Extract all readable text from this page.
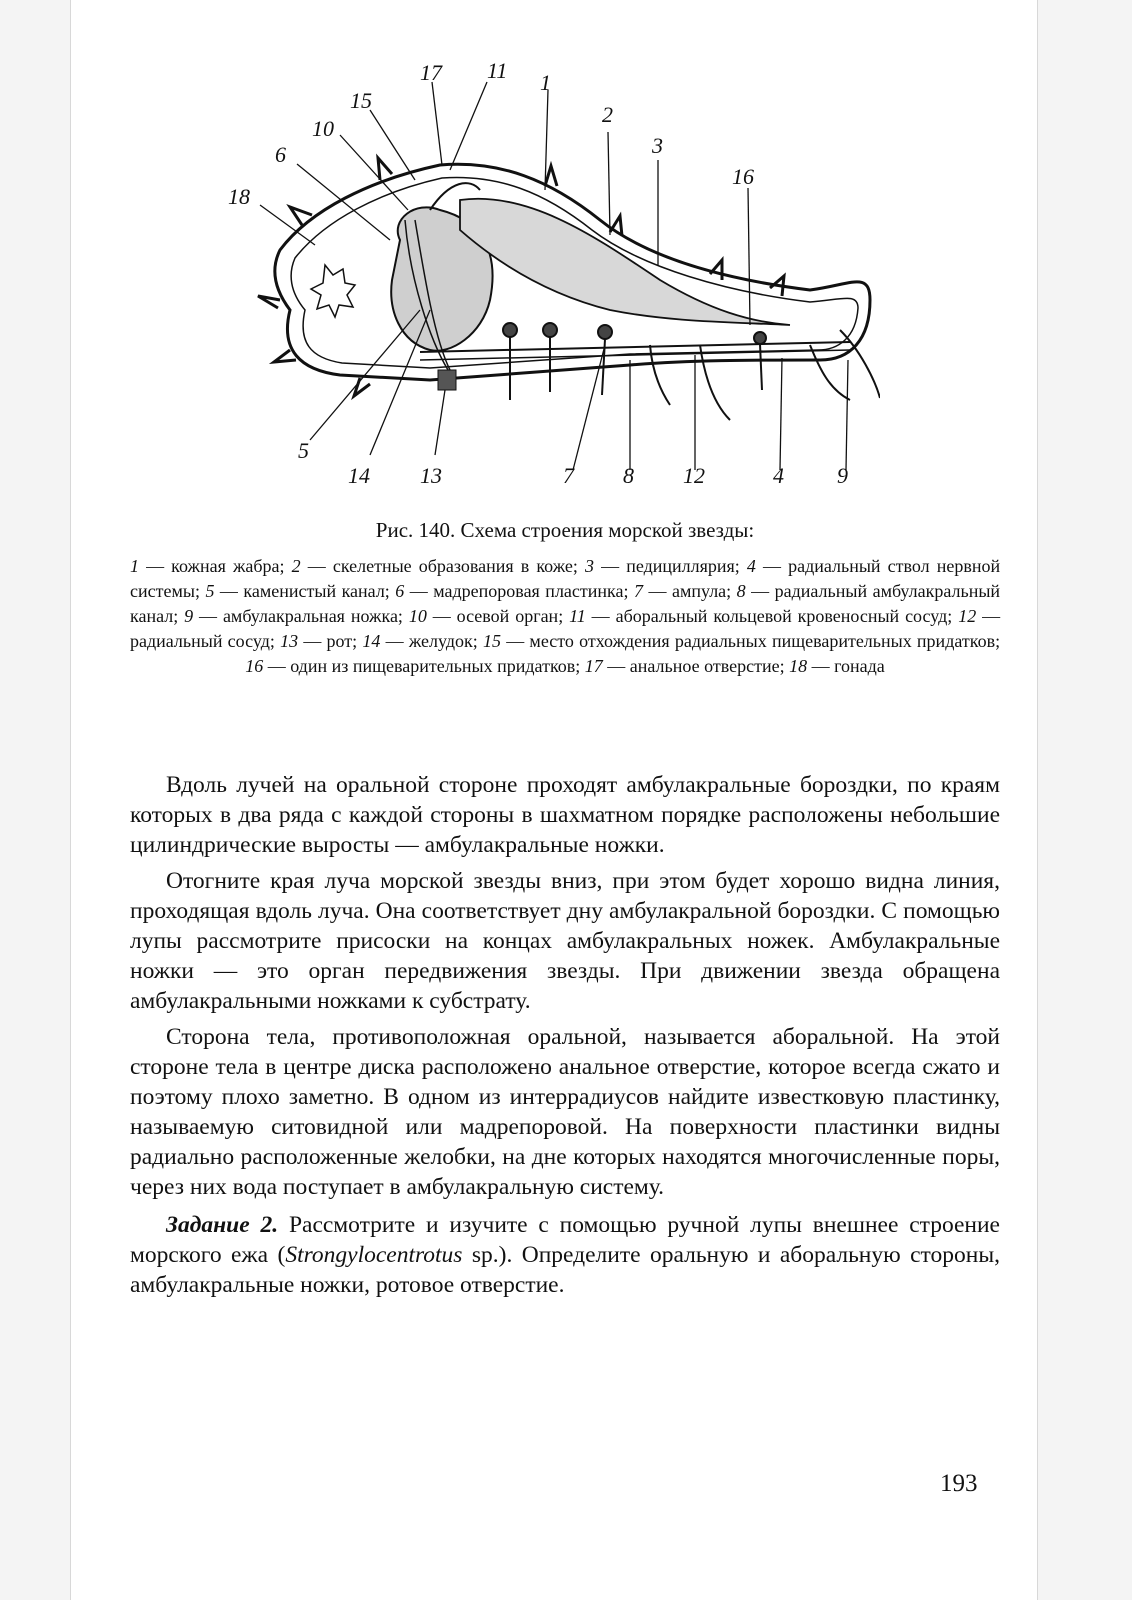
17 11 1
15
2
10
3
6
16
18
5
14 13	7 8 12	4 9
Рис. 140. Схема строения морской звезды:
1 — кожная жабра; 2 — скелетные образования в коже; 3 — педициллярия; 4 — радиальный ствол нервной системы; 5 — каменистый канал; 6 — мадрепоровая пластинка; 7 — ампула; 8 — радиальный амбулакральный канал; 9 — амбулакральная ножка; 10 — осевой орган; 11 — аборальный кольцевой кровеносный сосуд; 12 — радиальный сосуд; 13 — рот; 14 — желудок; 15 — место отхождения радиальных пищеварительных придатков; 16 — один из пищеварительных придатков; 17 — анальное отверстие; 18 — гонада

Вдоль лучей на оральной стороне проходят амбулакральные бороздки, по краям которых в два ряда с каждой стороны в шахматном порядке расположены небольшие цилиндрические выросты — амбулакральные ножки.

Отогните края луча морской звезды вниз, при этом будет хорошо видна линия, проходящая вдоль луча. Она соответствует дну амбулакральной бороздки. С помощью лупы рассмотрите присоски на концах амбулакральных ножек. Амбулакральные ножки — это орган передвижения звезды. При движении звезда обращена амбулакральными ножками к субстрату.

Сторона тела, противоположная оральной, называется аборальной. На этой стороне тела в центре диска расположено анальное отверстие, которое всегда сжато и поэтому плохо заметно. В одном из интеррадиусов найдите известковую пластинку, называемую ситовидной или мадрепоровой. На поверхности пластинки видны радиально расположенные желобки, на дне которых находятся многочисленные поры, через них вода поступает в амбулакральную систему.

Задание 2. Рассмотрите и изучите с помощью ручной лупы внешнее строение морского ежа (Strongylocentrotus sp.). Определите оральную и аборальную стороны, амбулакральные ножки, ротовое отверстие.

193
